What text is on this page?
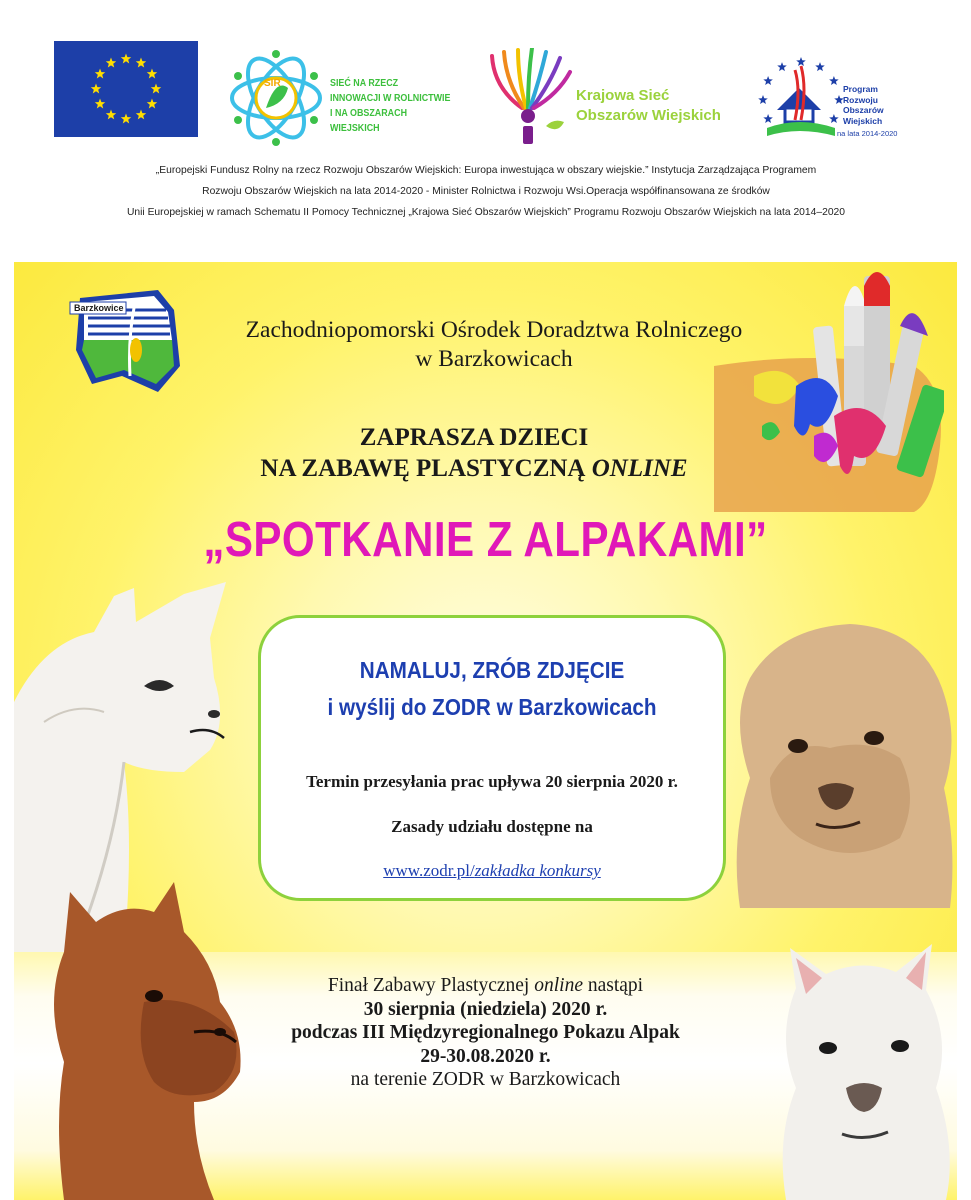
SIR	SIEĆ NA RZECZ
INNOWACJI W ROLNICTWIE
I NA OBSZARACH WIEJSKICH
Krajowa Sieć
Obszarów Wiejskich
Program
Rozwoju
Obszarów
Wiejskich
na lata 2014-2020
„Europejski Fundusz Rolny na rzecz Rozwoju Obszarów Wiejskich: Europa inwestująca w obszary wiejskie.” Instytucja Zarządzająca Programem
Rozwoju Obszarów Wiejskich na lata 2014-2020 - Minister Rolnictwa i Rozwoju Wsi.Operacja współfinansowana ze środków
Unii Europejskiej w ramach Schematu II Pomocy Technicznej „Krajowa Sieć Obszarów Wiejskich” Programu Rozwoju Obszarów Wiejskich na lata 2014–2020
Barzkowice
Zachodniopomorski Ośrodek Doradztwa Rolniczego
w Barzkowicach
ZAPRASZA DZIECI
NA ZABAWĘ PLASTYCZNĄ ONLINE
„SPOTKANIE Z ALPAKAMI”
NAMALUJ, ZRÓB ZDJĘCIE
i wyślij do ZODR w Barzkowicach
Termin przesyłania prac upływa 20 sierpnia 2020 r.
Zasady udziału dostępne na
www.zodr.pl/zakładka konkursy
Finał Zabawy Plastycznej online nastąpi
30 sierpnia (niedziela) 2020 r.
podczas III Międzyregionalnego Pokazu Alpak
29-30.08.2020 r.
na terenie ZODR w Barzkowicach
